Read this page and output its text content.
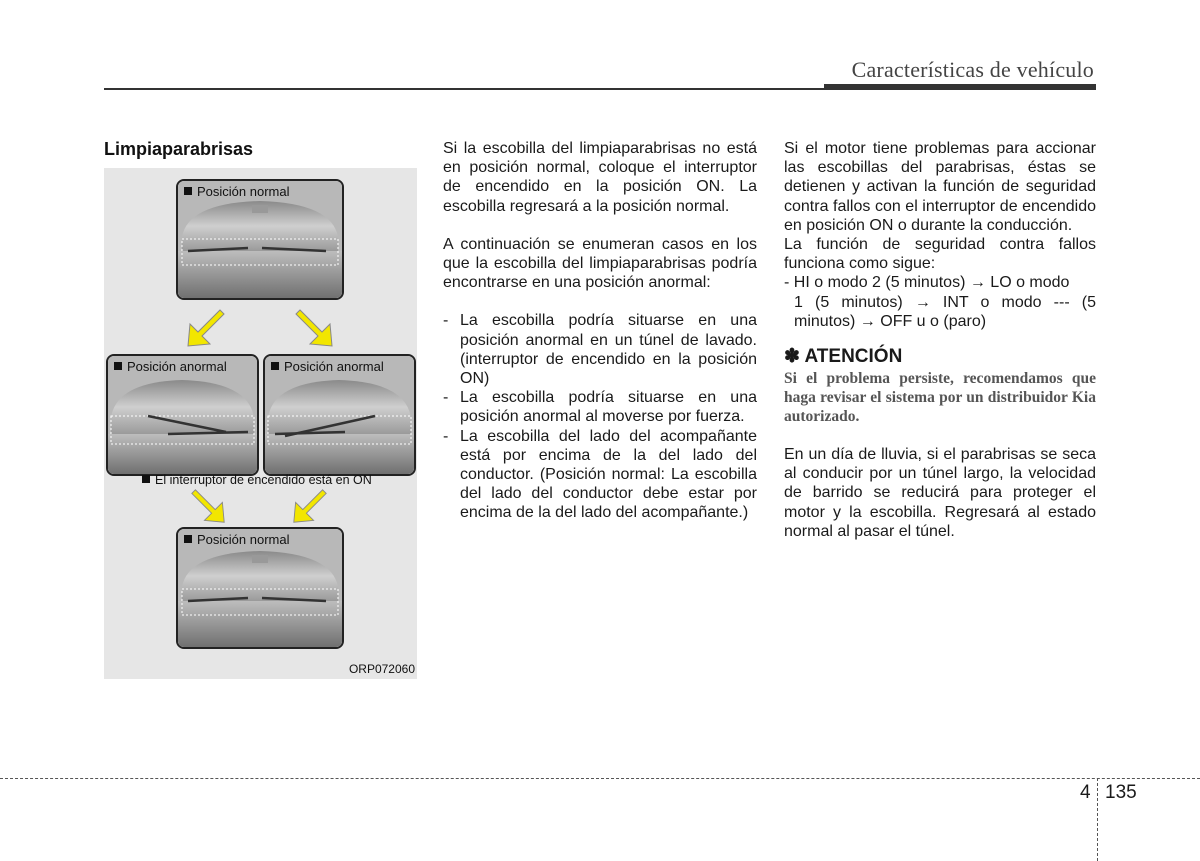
Características de vehículo
Limpiaparabrisas
Posición normal
Posición anormal	Posición anormal
El interruptor de encendido está en ON
Posición normal
ORP072060

Si la escobilla del limpiaparabrisas no está en posición normal, coloque el interruptor de encendido en la posición ON. La escobilla regresará a la posición normal.

A continuación se enumeran casos en los que la escobilla del limpiaparabrisas podría encontrarse en una posición anormal:

- La escobilla podría situarse en una posición anormal en un túnel de lavado. (interruptor de encendido en la posición ON)
- La escobilla podría situarse en una posición anormal al moverse por fuerza.
- La escobilla del lado del acompañante está por encima de la del lado del conductor. (Posición normal: La escobilla del lado del conductor debe estar por encima de la del lado del acompañante.)

Si el motor tiene problemas para accionar las escobillas del parabrisas, éstas se detienen y activan la función de seguridad contra fallos con el interruptor de encendido en posición ON o durante la conducción.

La función de seguridad contra fallos funciona como sigue:

- HI o modo 2 (5 minutos) → LO o modo

1 (5 minutos) → INT o modo --- (5 minutos) → OFF u o (paro)

✽ ATENCIÓN

Si el problema persiste, recomendamos que haga revisar el sistema por un distribuidor Kia autorizado.

En un día de lluvia, si el parabrisas se seca al conducir por un túnel largo, la velocidad de barrido se reducirá para proteger el motor y la escobilla. Regresará al estado normal al pasar el túnel.

4 135
